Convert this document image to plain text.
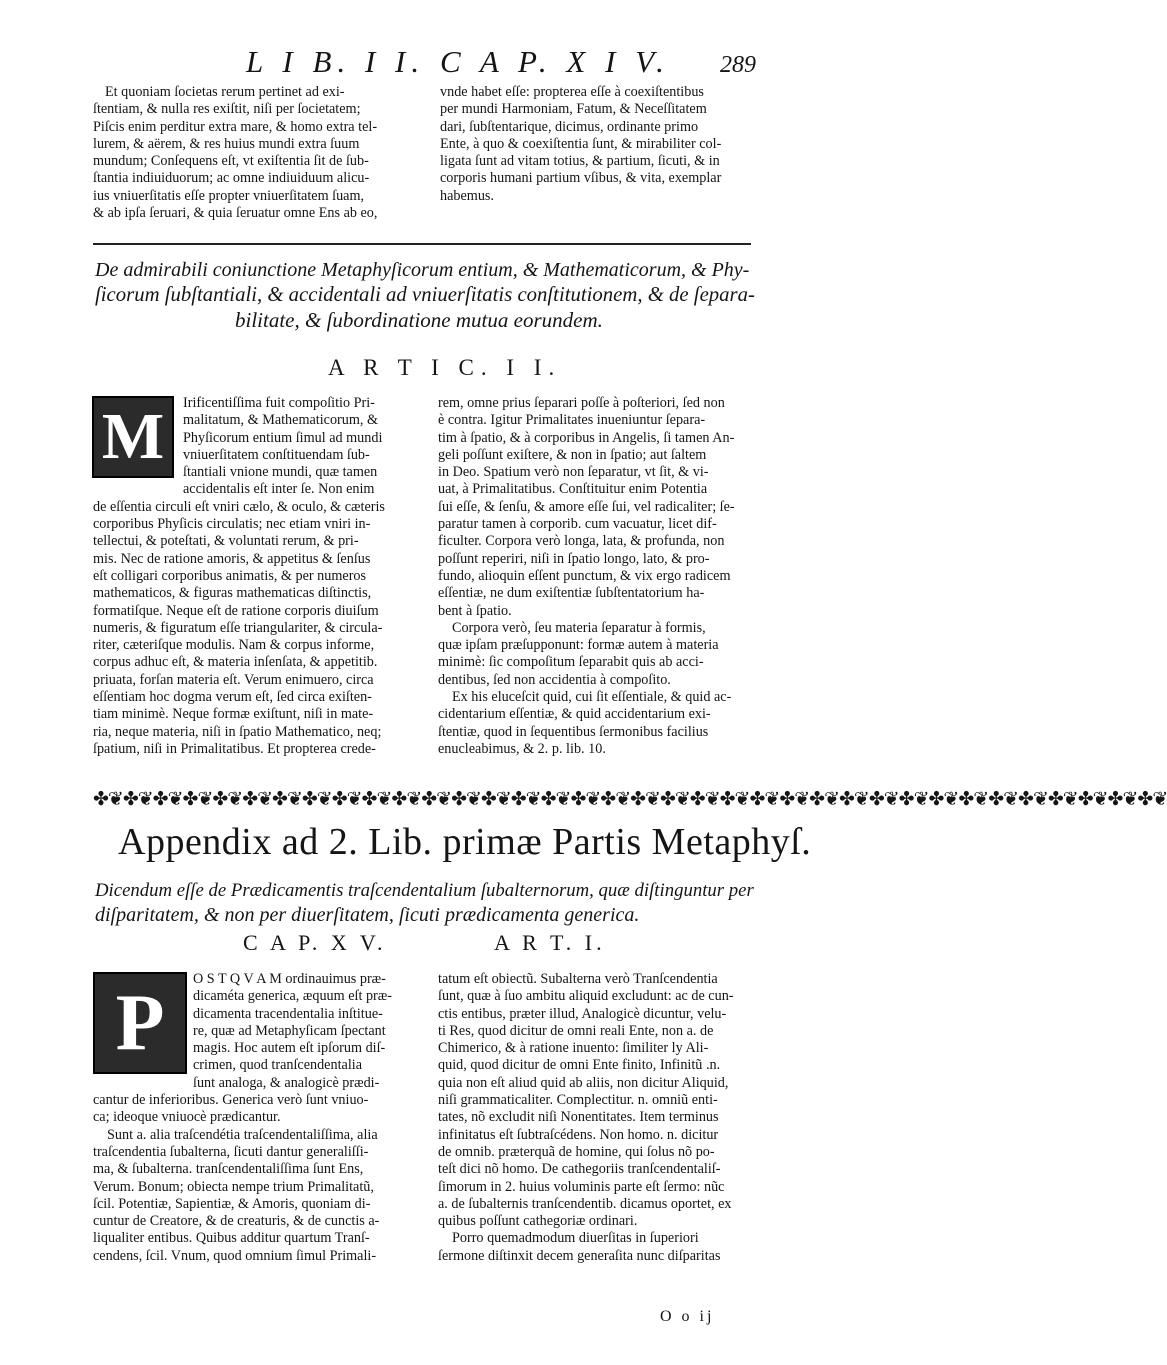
L I B. I I. C A P. X I V. 289
Et quoniam ſocietas rerum pertinet ad exi-
ſtentiam, & nulla res exiſtit, niſi per ſocietatem;
Piſcis enim perditur extra mare, & homo extra tel-
lurem, & aërem, & res huius mundi extra ſuum
mundum; Conſequens eſt, vt exiſtentia ſit de ſub-
ſtantia indiuiduorum; ac omne indiuiduum alicu-
ius vniuerſitatis eſſe propter vniuerſitatem ſuam,
& ab ipſa ſeruari, & quia ſeruatur omne Ens ab eo,
vnde habet eſſe: propterea eſſe à coexiſtentibus
per mundi Harmoniam, Fatum, & Neceſſitatem
dari, ſubſtentarique, dicimus, ordinante primo
Ente, à quo & coexiſtentia ſunt, & mirabiliter col-
ligata ſunt ad vitam totius, & partium, ſicuti, & in
corporis humani partium vſibus, & vita, exemplar
habemus.
De admirabili coniunctione Metaphyſicorum entium, & Mathematicorum, & Phy-
ſicorum ſubſtantiali, & accidentali ad vniuerſitatis conſtitutionem, & de ſepara-
bilitate, & ſubordinatione mutua eorundem.
A R T I C. I I.
M	Irificentiſſima fuit compoſitio Pri-
malitatum, & Mathematicorum, &
Phyſicorum entium ſimul ad mundi
vniuerſitatem conſtituendam ſub-
ſtantiali vnione mundi, quæ tamen
accidentalis eſt inter ſe. Non enim
de eſſentia circuli eſt vniri cælo, & oculo, & cæteris
corporibus Phyſicis circulatis; nec etiam vniri in-
tellectui, & poteſtati, & voluntati rerum, & pri-
mis. Nec de ratione amoris, & appetitus & ſenſus
eſt colligari corporibus animatis, & per numeros
mathematicos, & figuras mathematicas diſtinctis,
formatiſque. Neque eſt de ratione corporis diuiſum
numeris, & figuratum eſſe triangulariter, & circula-
riter, cæteriſque modulis. Nam & corpus informe,
corpus adhuc eſt, & materia inſenſata, & appetitib.
priuata, forſan materia eſt. Verum enimuero, circa
eſſentiam hoc dogma verum eſt, ſed circa exiſten-
tiam minimè. Neque formæ exiſtunt, niſi in mate-
ria, neque materia, niſi in ſpatio Mathematico, neq;
ſpatium, niſi in Primalitatibus. Et propterea crede-
rem, omne prius ſeparari poſſe à poſteriori, ſed non
è contra. Igitur Primalitates inueniuntur ſepara-
tim à ſpatio, & à corporibus in Angelis, ſi tamen An-
geli poſſunt exiſtere, & non in ſpatio; aut ſaltem
in Deo. Spatium verò non ſeparatur, vt ſit, & vi-
uat, à Primalitatibus. Conſtituitur enim Potentia
ſui eſſe, & ſenſu, & amore eſſe ſui, vel radicaliter; ſe-
paratur tamen à corporib. cum vacuatur, licet dif-
ficulter. Corpora verò longa, lata, & profunda, non
poſſunt reperiri, niſi in ſpatio longo, lato, & pro-
fundo, alioquin eſſent punctum, & vix ergo radicem
eſſentiæ, ne dum exiſtentiæ ſubſtentatorium ha-
bent à ſpatio.
Corpora verò, ſeu materia ſeparatur à formis,
quæ ipſam præſupponunt: formæ autem à materia
minimè: ſic compoſitum ſeparabit quis ab acci-
dentibus, ſed non accidentia à compoſito.
Ex his eluceſcit quid, cui ſit eſſentiale, & quid ac-
cidentarium eſſentiæ, & quid accidentarium exi-
ſtentiæ, quod in ſequentibus ſermonibus facilius
enucleabimus, & 2. p. lib. 10.
✤❦✤❦✤❦✤❦✤❦✤❦✤❦✤❦✤❦✤❦✤❦✤❦✤❦✤❦✤❦✤❦✤❦✤❦✤❦✤❦✤❦✤❦✤❦✤❦✤❦✤❦✤❦✤❦✤❦✤❦✤❦✤❦✤❦✤❦✤❦✤❦
Appendix ad 2. Lib. primæ Partis Metaphyſ.
Dicendum eſſe de Prædicamentis traſcendentalium ſubalternorum, quæ diſtinguntur per
diſparitatem, & non per diuerſitatem, ſicuti prædicamenta generica.
C A P. X V.	A R T. I.
P	O S T Q V A M ordinauimus præ-
dicaméta generica, æquum eſt præ-
dicamenta tracendentalia inſtitue-
re, quæ ad Metaphyſicam ſpectant
magis. Hoc autem eſt ipſorum diſ-
crimen, quod tranſcendentalia
ſunt analoga, & analogicè prædi-
cantur de inferioribus. Generica verò ſunt vniuo-
ca; ideoque vniuocè prædicantur.
Sunt a. alia traſcendétia traſcendentaliſſima, alia
traſcendentia ſubalterna, ſicuti dantur generaliſſi-
ma, & ſubalterna. tranſcendentaliſſima ſunt Ens,
Verum. Bonum; obiecta nempe trium Primalitatũ,
ſcil. Potentiæ, Sapientiæ, & Amoris, quoniam di-
cuntur de Creatore, & de creaturis, & de cunctis a-
liqualiter entibus. Quibus additur quartum Tranſ-
cendens, ſcil. Vnum, quod omnium ſimul Primali-
tatum eſt obiectũ. Subalterna verò Tranſcendentia
ſunt, quæ à ſuo ambitu aliquid excludunt: ac de cun-
ctis entibus, præter illud, Analogicè dicuntur, velu-
ti Res, quod dicitur de omni reali Ente, non a. de
Chimerico, & à ratione inuento: ſimiliter ly Ali-
quid, quod dicitur de omni Ente finito, Infinitũ .n.
quia non eſt aliud quid ab aliis, non dicitur Aliquid,
niſi grammaticaliter. Complectitur. n. omniũ enti-
tates, nõ excludit niſi Nonentitates. Item terminus
infinitatus eſt ſubtraſcédens. Non homo. n. dicitur
de omnib. præterquã de homine, qui ſolus nõ po-
teſt dici nõ homo. De cathegoriis tranſcendentaliſ-
ſimorum in 2. huius voluminis parte eſt ſermo: nũc
a. de ſubalternis tranſcendentib. dicamus oportet, ex
quibus poſſunt cathegoriæ ordinari.
Porro quemadmodum diuerſitas in ſuperiori
ſermone diſtinxit decem generaſita nunc diſparitas
O o ij
